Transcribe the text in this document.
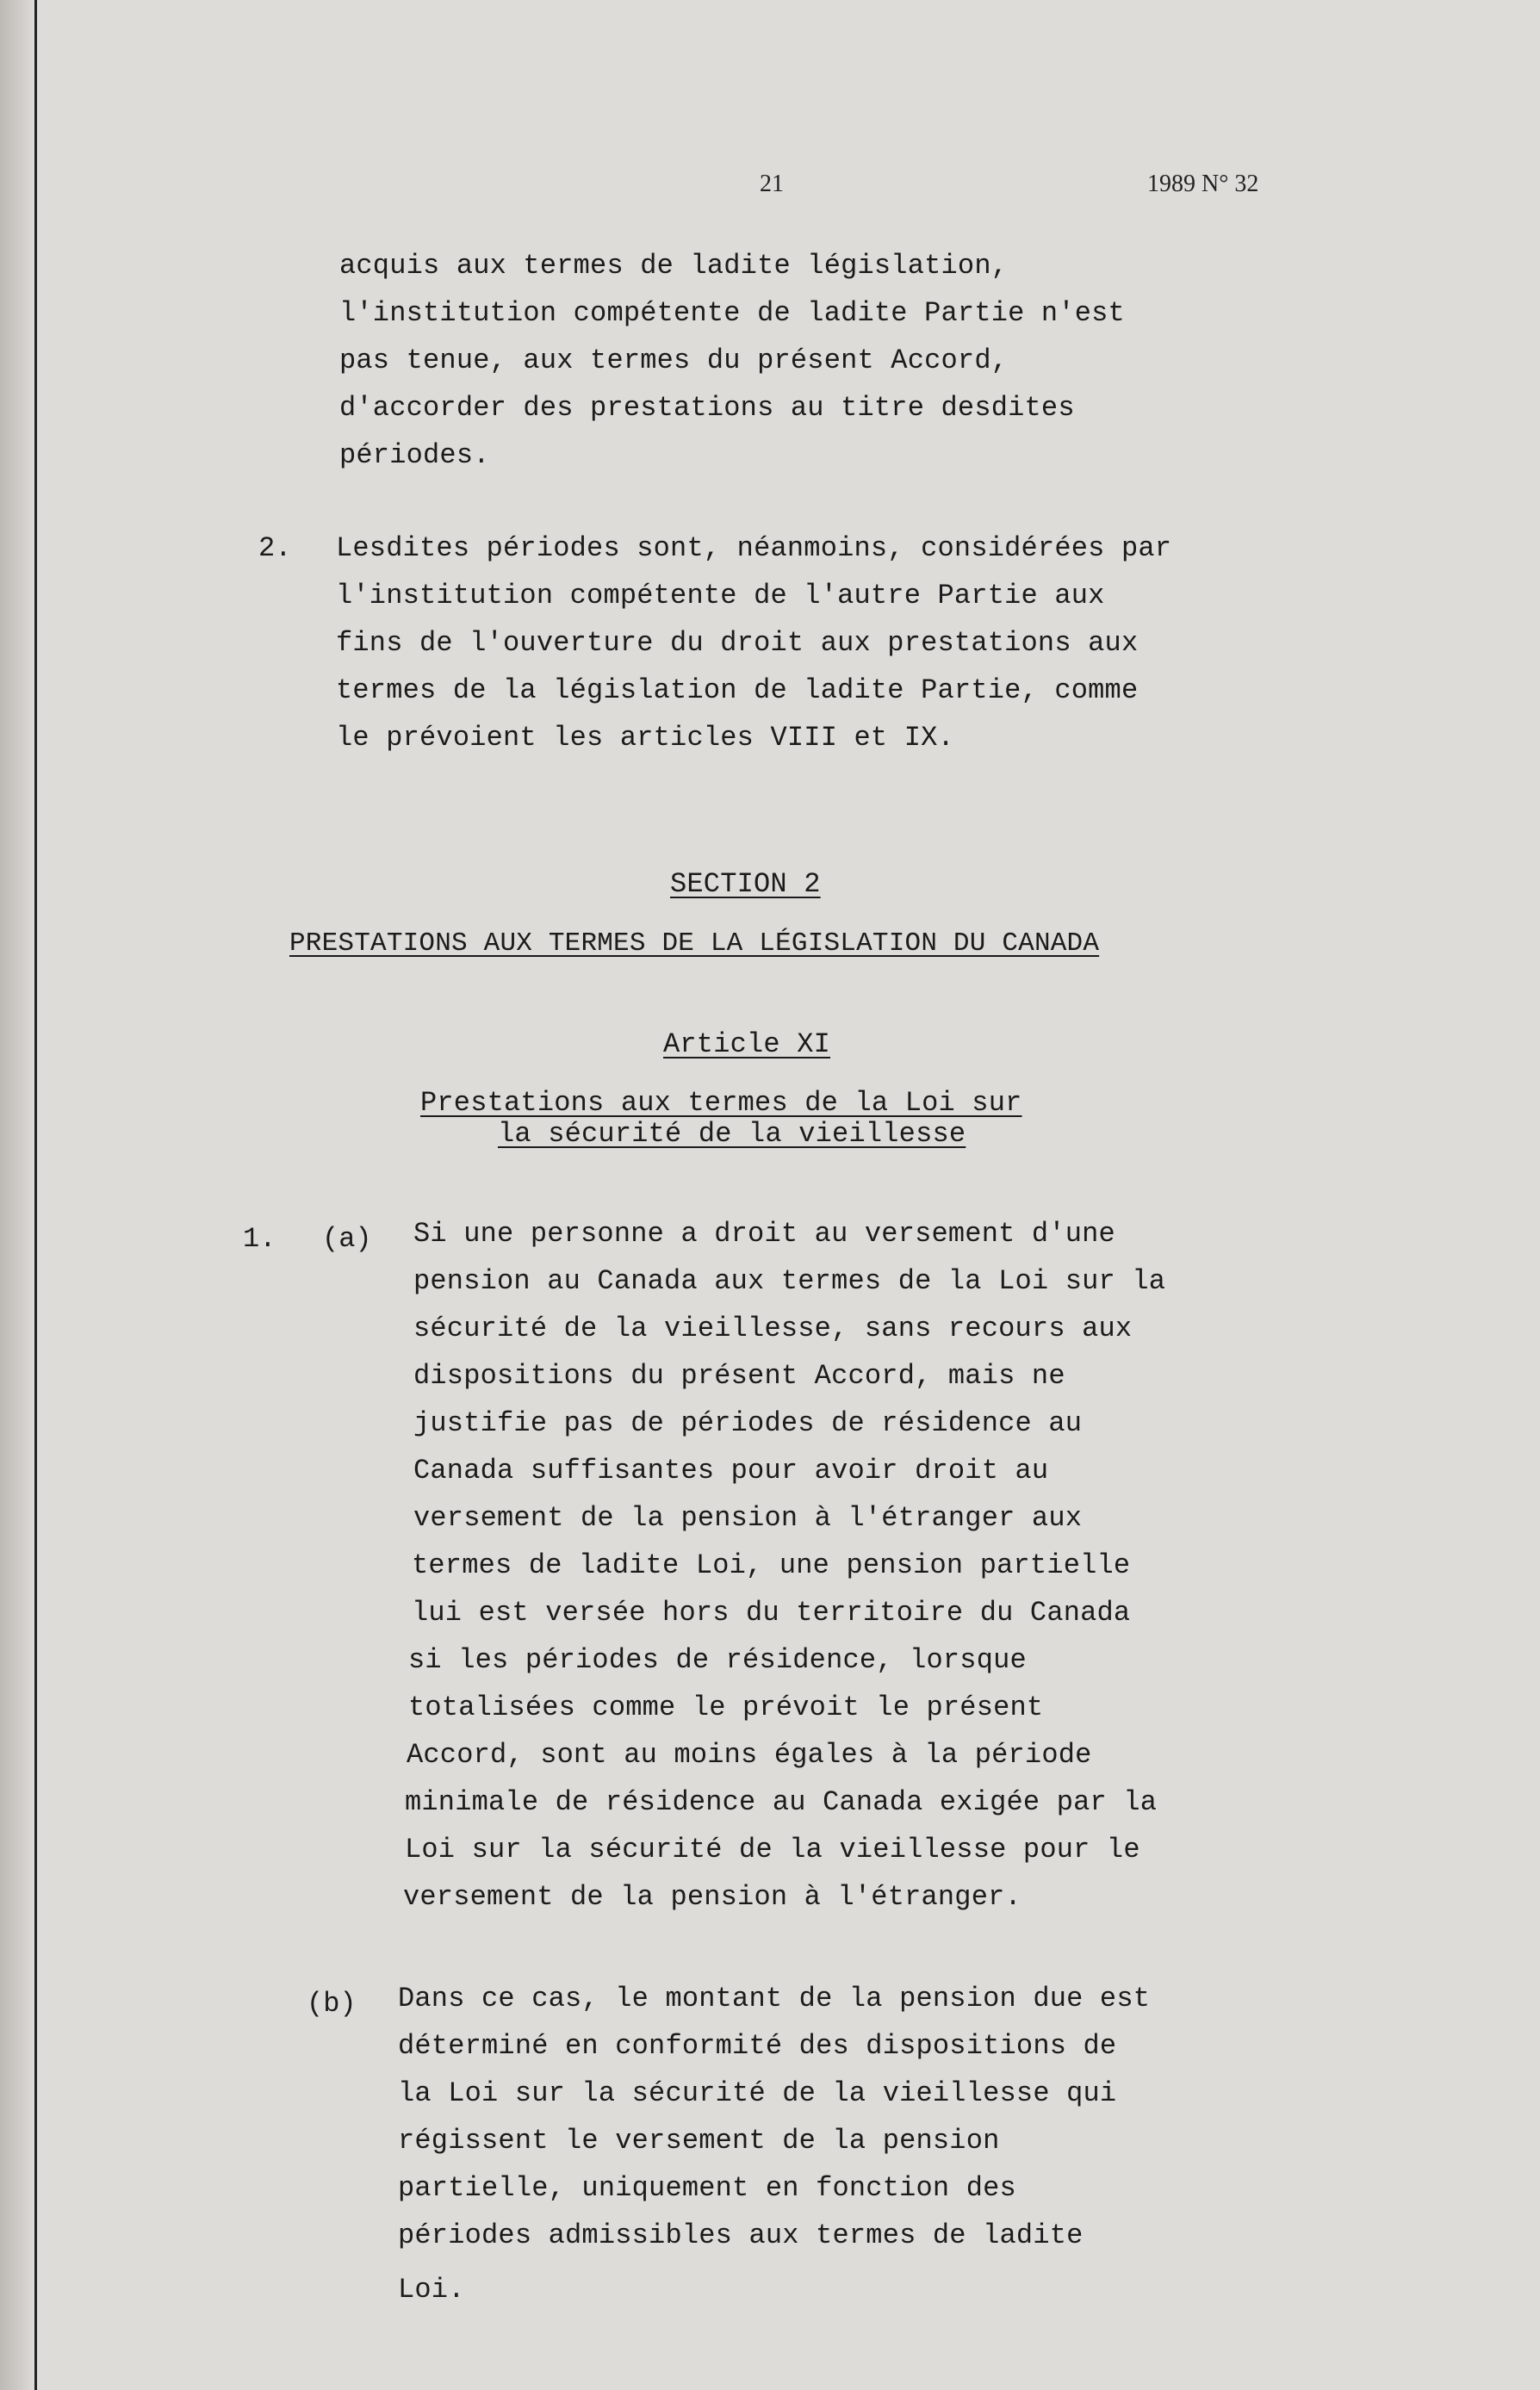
21	1989 N° 32
acquis aux termes de ladite législation,
l'institution compétente de ladite Partie n'est
pas tenue, aux termes du présent Accord,
d'accorder des prestations au titre desdites
périodes.
2. Lesdites périodes sont, néanmoins, considérées par
l'institution compétente de l'autre Partie aux
fins de l'ouverture du droit aux prestations aux
termes de la législation de ladite Partie, comme
le prévoient les articles VIII et IX.
SECTION 2
PRESTATIONS AUX TERMES DE LA LÉGISLATION DU CANADA
Article XI
Prestations aux termes de la Loi sur
la sécurité de la vieillesse
1. (a) Si une personne a droit au versement d'une
pension au Canada aux termes de la Loi sur la
sécurité de la vieillesse, sans recours aux
dispositions du présent Accord, mais ne
justifie pas de périodes de résidence au
Canada suffisantes pour avoir droit au
versement de la pension à l'étranger aux
termes de ladite Loi, une pension partielle
lui est versée hors du territoire du Canada
si les périodes de résidence, lorsque
totalisées comme le prévoit le présent
Accord, sont au moins égales à la période
minimale de résidence au Canada exigée par la
Loi sur la sécurité de la vieillesse pour le
versement de la pension à l'étranger.
(b) Dans ce cas, le montant de la pension due est
déterminé en conformité des dispositions de
la Loi sur la sécurité de la vieillesse qui
régissent le versement de la pension
partielle, uniquement en fonction des
périodes admissibles aux termes de ladite
Loi.
